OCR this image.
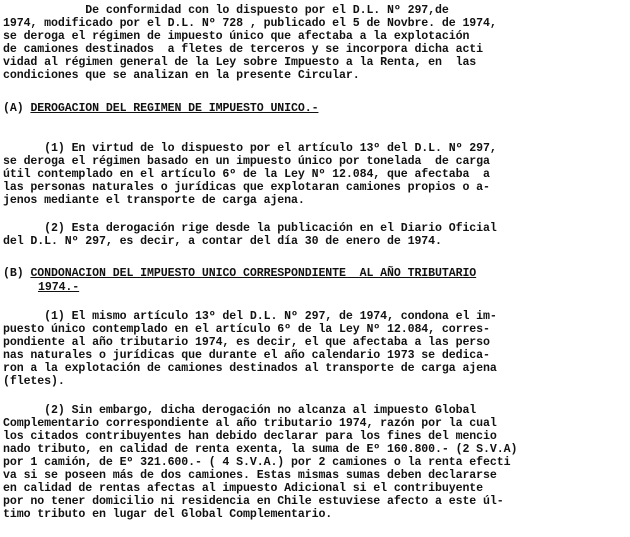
De conformidad con lo dispuesto por el D.L. Nº 297,de
1974, modificado por el D.L. Nº 728 , publicado el 5 de Novbre. de 1974,
se deroga el régimen de impuesto único que afectaba a la explotación
de camiones destinados  a fletes de terceros y se incorpora dicha acti
vidad al régimen general de la Ley sobre Impuesto a la Renta, en  las
condiciones que se analizan en la presente Circular.
(A) DEROGACION DEL REGIMEN DE IMPUESTO UNICO.-
(1) En virtud de lo dispuesto por el artículo 13º del D.L. Nº 297,
se deroga el régimen basado en un impuesto único por tonelada  de carga
útil contemplado en el artículo 6º de la Ley Nº 12.084, que afectaba  a
las personas naturales o jurídicas que explotaran camiones propios o a-
jenos mediante el transporte de carga ajena.
(2) Esta derogación rige desde la publicación en el Diario Oficial
del D.L. Nº 297, es decir, a contar del día 30 de enero de 1974.
(B) CONDONACION DEL IMPUESTO UNICO CORRESPONDIENTE  AL AÑO TRIBUTARIO
1974.-
(1) El mismo artículo 13º del D.L. Nº 297, de 1974, condona el im-
puesto único contemplado en el artículo 6º de la Ley Nº 12.084, corres-
pondiente al año tributario 1974, es decir, el que afectaba a las perso
nas naturales o jurídicas que durante el año calendario 1973 se dedica-
ron a la explotación de camiones destinados al transporte de carga ajena
(fletes).
(2) Sin embargo, dicha derogación no alcanza al impuesto Global
Complementario correspondiente al año tributario 1974, razón por la cual
los citados contribuyentes han debido declarar para los fines del mencio
nado tributo, en calidad de renta exenta, la suma de Eº 160.800.- (2 S.V.A)
por 1 camión, de Eº 321.600.- ( 4 S.V.A.) por 2 camiones o la renta efecti
va si se poseen más de dos camiones. Estas mismas sumas deben declararse
en calidad de rentas afectas al impuesto Adicional si el contribuyente
por no tener domicilio ni residencia en Chile estuviese afecto a este úl-
timo tributo en lugar del Global Complementario.
